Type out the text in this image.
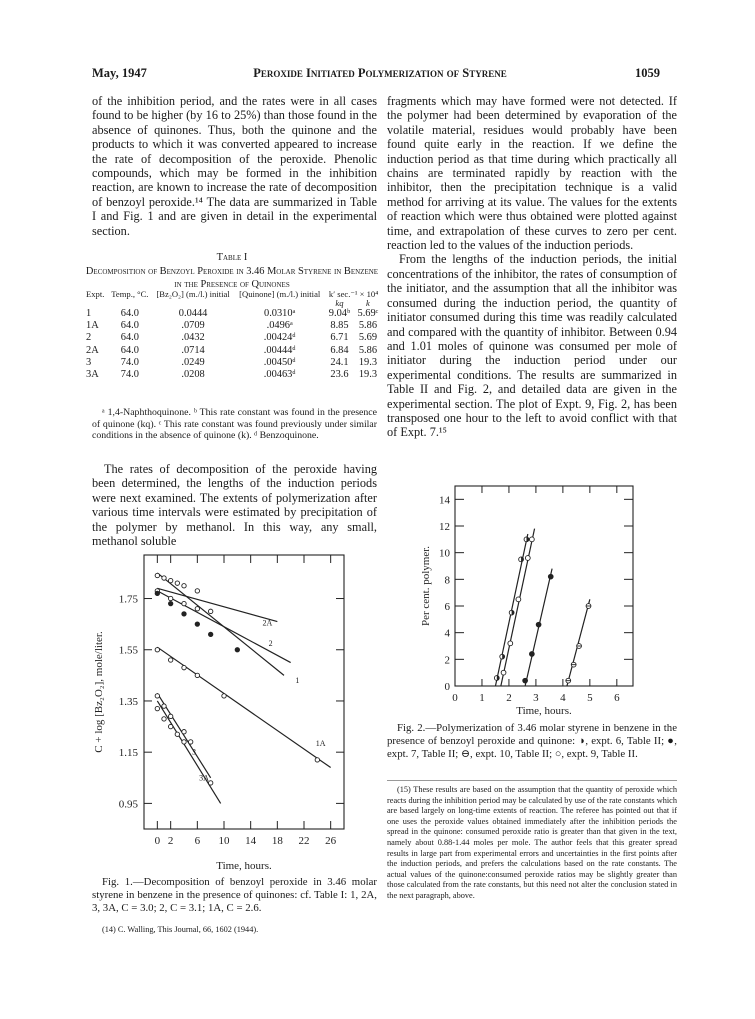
May, 1947	Peroxide Initiated Polymerization of Styrene	1059

of the inhibition period, and the rates were in all cases found to be higher (by 16 to 25%) than those found in the absence of quinones. Thus, both the quinone and the products to which it was converted appeared to increase the rate of decomposition of the peroxide. Phenolic compounds, which may be formed in the inhibition reaction, are known to increase the rate of decomposition of benzoyl peroxide.¹⁴ The data are summarized in Table I and Fig. 1 and are given in detail in the experimental section.

Table I
Decomposition of Benzoyl Peroxide in 3.46 Molar Styrene in Benzene in the Presence of Quinones
Expt.	Temp., °C.	[Bz₂O₂] (m./l.) initial	[Quinone] (m./l.) initial	k′ sec.⁻¹ × 10⁴	
				kq	k
1	64.0	0.0444	0.0310ᵃ	9.04ᵇ	5.69ᶜ
1A	64.0	.0709	.0496ᵃ	8.85	5.86
2	64.0	.0432	.00424ᵈ	6.71	5.69
2A	64.0	.0714	.00444ᵈ	6.84	5.86
3	74.0	.0249	.00450ᵈ	24.1	19.3
3A	74.0	.0208	.00463ᵈ	23.6	19.3
ᵃ 1,4-Naphthoquinone. ᵇ This rate constant was found in the presence of quinone (kq). ᶜ This rate constant was found previously under similar conditions in the absence of quinone (k). ᵈ Benzoquinone.

The rates of decomposition of the peroxide having been determined, the lengths of the induction periods were next examined. The extents of polymerization after various time intervals were estimated by precipitation of the polymer by methanol. In this way, any small, methanol soluble

0 2 6 10 14 18 22 26
0.95
1.15
1.35
1.55
1.75
1
2A
2
1A
3
3A
Time, hours.
C + log [Bz₂O₂], mole/liter.
Fig. 1.—Decomposition of benzoyl peroxide in 3.46 molar styrene in benzene in the presence of quinones: cf. Table I: 1, 2A, 3, 3A, C = 3.0; 2, C = 3.1; 1A, C = 2.6.
(14) C. Walling, This Journal, 66, 1602 (1944).

fragments which may have formed were not detected. If the polymer had been determined by evaporation of the volatile material, residues would probably have been found quite early in the reaction. If we define the induction period as that time during which practically all chains are terminated rapidly by reaction with the inhibitor, then the precipitation technique is a valid method for arriving at its value. The values for the extents of reaction which were thus obtained were plotted against time, and extrapolation of these curves to zero per cent. reaction led to the values of the induction periods.

From the lengths of the induction periods, the initial concentrations of the inhibitor, the rates of consumption of the initiator, and the assumption that all the inhibitor was consumed during the induction period, the quantity of initiator consumed during this time was readily calculated and compared with the quantity of inhibitor. Between 0.94 and 1.01 moles of quinone was consumed per mole of initiator during the induction period under our experimental conditions. The results are summarized in Table II and Fig. 2, and detailed data are given in the experimental section. The plot of Expt. 9, Fig. 2, has been transposed one hour to the left to avoid conflict with that of Expt. 7.¹⁵

0 1 2 3 4 5 6
0
2
4
6
8
10
12
14
Time, hours.
Per cent. polymer.
Fig. 2.—Polymerization of 3.46 molar styrene in benzene in the presence of benzoyl peroxide and quinone: ◑, expt. 6, Table II; ●, expt. 7, Table II; ⊖, expt. 10, Table II; ○, expt. 9, Table II.
(15) These results are based on the assumption that the quantity of peroxide which reacts during the inhibition period may be calculated by use of the rate constants which are based largely on long-time extents of reaction. The referee has pointed out that if one uses the peroxide values obtained immediately after the inhibition periods the spread in the quinone: consumed peroxide ratio is greater than that given in the text, namely about 0.88-1.44 moles per mole. The author feels that this greater spread results in large part from experimental errors and uncertainties in the first points after the induction periods, and prefers the calculations based on the rate constants. The actual values of the quinone:consumed peroxide ratios may be slightly greater than those calculated from the rate constants, but this need not alter the conclusion stated in the next paragraph, above.
